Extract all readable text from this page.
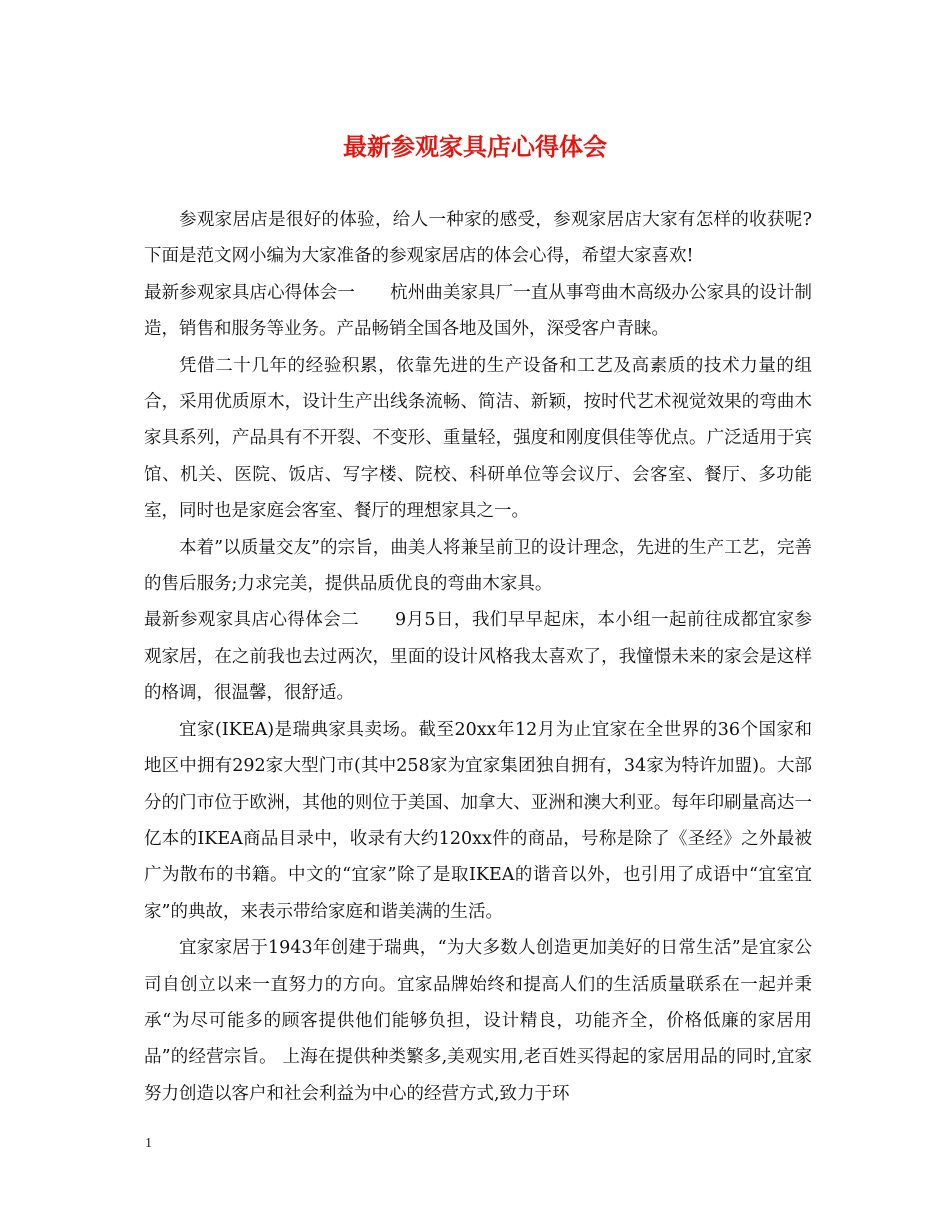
最新参观家具店心得体会

参观家居店是很好的体验，给人一种家的感受，参观家居店大家有怎样的收获呢?下面是范文网小编为大家准备的参观家居店的体会心得，希望大家喜欢!

最新参观家具店心得体会一　　杭州曲美家具厂一直从事弯曲木高级办公家具的设计制造，销售和服务等业务。产品畅销全国各地及国外，深受客户青睐。

凭借二十几年的经验积累，依靠先进的生产设备和工艺及高素质的技术力量的组合，采用优质原木，设计生产出线条流畅、简洁、新颖，按时代艺术视觉效果的弯曲木家具系列，产品具有不开裂、不变形、重量轻，强度和刚度俱佳等优点。广泛适用于宾馆、机关、医院、饭店、写字楼、院校、科研单位等会议厅、会客室、餐厅、多功能室，同时也是家庭会客室、餐厅的理想家具之一。

本着”以质量交友”的宗旨，曲美人将兼呈前卫的设计理念，先进的生产工艺，完善的售后服务;力求完美，提供品质优良的弯曲木家具。

最新参观家具店心得体会二　　9月5日，我们早早起床，本小组一起前往成都宜家参观家居，在之前我也去过两次，里面的设计风格我太喜欢了，我憧憬未来的家会是这样的格调，很温馨，很舒适。

宜家(IKEA)是瑞典家具卖场。截至20xx年12月为止宜家在全世界的36个国家和地区中拥有292家大型门市(其中258家为宜家集团独自拥有，34家为特许加盟)。大部分的门市位于欧洲，其他的则位于美国、加拿大、亚洲和澳大利亚。每年印刷量高达一亿本的IKEA商品目录中，收录有大约120xx件的商品，号称是除了《圣经》之外最被广为散布的书籍。中文的“宜家”除了是取IKEA的谐音以外，也引用了成语中“宜室宜家”的典故，来表示带给家庭和谐美满的生活。

宜家家居于1943年创建于瑞典，“为大多数人创造更加美好的日常生活”是宜家公司自创立以来一直努力的方向。宜家品牌始终和提高人们的生活质量联系在一起并秉承“为尽可能多的顾客提供他们能够负担，设计精良，功能齐全，价格低廉的家居用品”的经营宗旨。 上海在提供种类繁多,美观实用,老百姓买得起的家居用品的同时,宜家努力创造以客户和社会利益为中心的经营方式,致力于环

1
